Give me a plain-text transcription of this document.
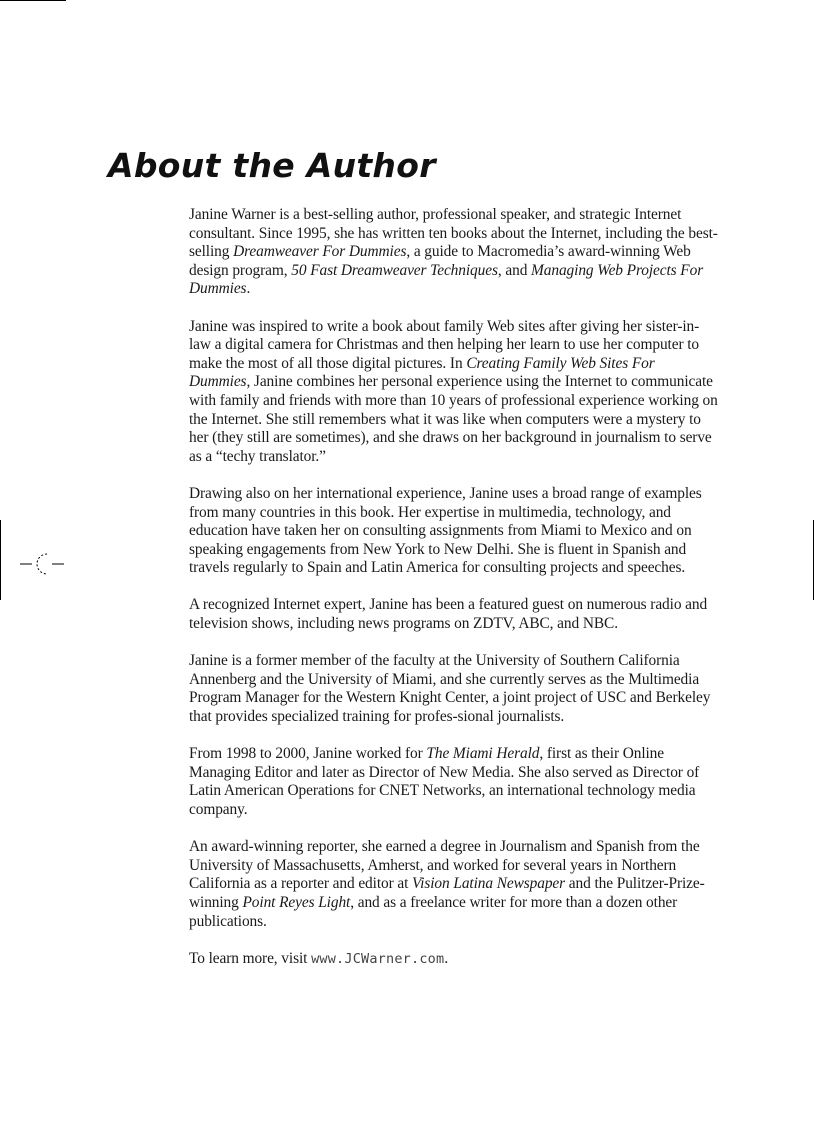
About the Author

Janine Warner is a best-selling author, professional speaker, and strategic Internet consultant. Since 1995, she has written ten books about the Internet, including the best-selling Dreamweaver For Dummies, a guide to Macromedia’s award-winning Web design program, 50 Fast Dreamweaver Techniques, and Managing Web Projects For Dummies.

Janine was inspired to write a book about family Web sites after giving her sister-in-law a digital camera for Christmas and then helping her learn to use her computer to make the most of all those digital pictures. In Creating Family Web Sites For Dummies, Janine combines her personal experience using the Internet to communicate with family and friends with more than 10 years of professional experience working on the Internet. She still remembers what it was like when computers were a mystery to her (they still are sometimes), and she draws on her background in journalism to serve as a “techy translator.”

Drawing also on her international experience, Janine uses a broad range of examples from many countries in this book. Her expertise in multimedia, technology, and education have taken her on consulting assignments from Miami to Mexico and on speaking engagements from New York to New Delhi. She is fluent in Spanish and travels regularly to Spain and Latin America for consulting projects and speeches.

A recognized Internet expert, Janine has been a featured guest on numerous radio and television shows, including news programs on ZDTV, ABC, and NBC.

Janine is a former member of the faculty at the University of Southern California Annenberg and the University of Miami, and she currently serves as the Multimedia Program Manager for the Western Knight Center, a joint project of USC and Berkeley that provides specialized training for profes-sional journalists.

From 1998 to 2000, Janine worked for The Miami Herald, first as their Online Managing Editor and later as Director of New Media. She also served as Director of Latin American Operations for CNET Networks, an international technology media company.

An award-winning reporter, she earned a degree in Journalism and Spanish from the University of Massachusetts, Amherst, and worked for several years in Northern California as a reporter and editor at Vision Latina Newspaper and the Pulitzer-Prize-winning Point Reyes Light, and as a freelance writer for more than a dozen other publications.

To learn more, visit www.JCWarner.com.
